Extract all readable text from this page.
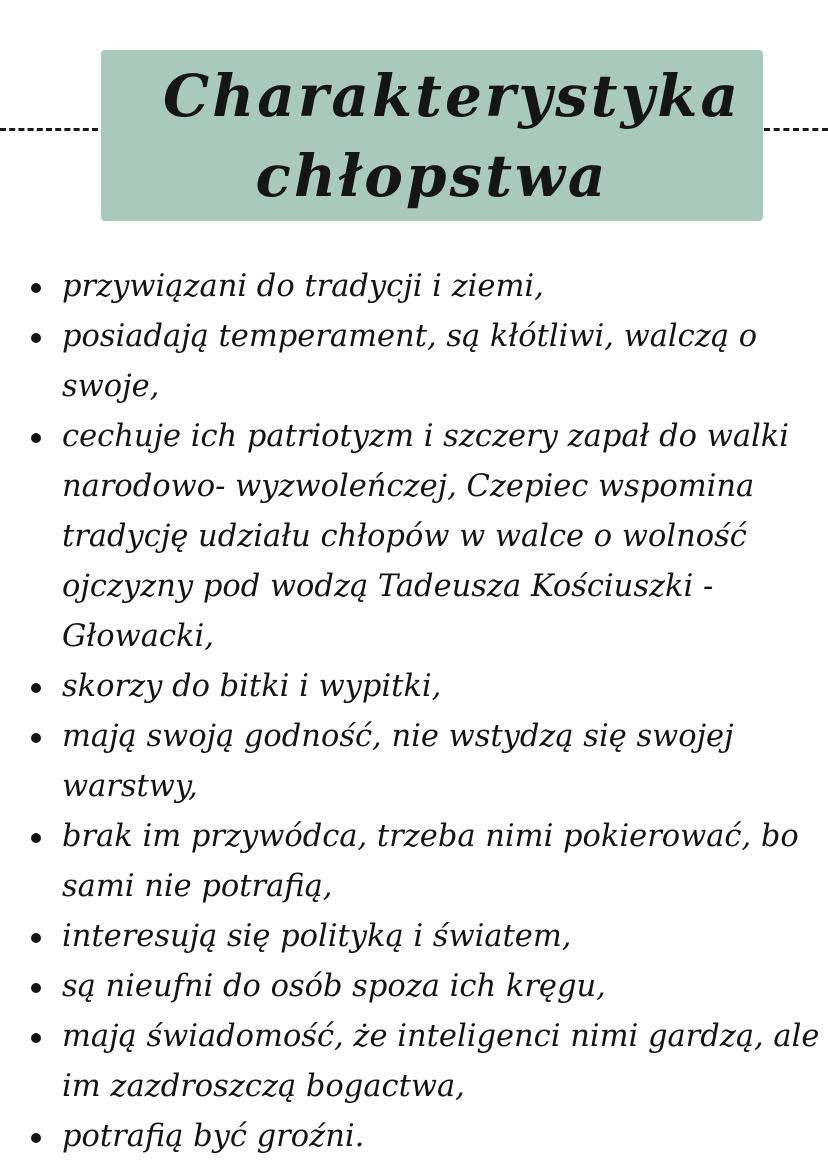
Charakterystyka
chłopstwa
przywiązani do tradycji i ziemi,
posiadają temperament, są kłótliwi, walczą o swoje,
cechuje ich patriotyzm i szczery zapał do walki narodowo- wyzwoleńczej, Czepiec wspomina tradycję udziału chłopów w walce o wolność ojczyzny pod wodzą Tadeusza Kościuszki - Głowacki,
skorzy do bitki i wypitki,
mają swoją godność, nie wstydzą się swojej warstwy,
brak im przywódca, trzeba nimi pokierować, bo sami nie potrafią,
interesują się polityką i światem,
są nieufni do osób spoza ich kręgu,
mają świadomość, że inteligenci nimi gardzą, ale im zazdroszczą bogactwa,
potrafią być groźni.
